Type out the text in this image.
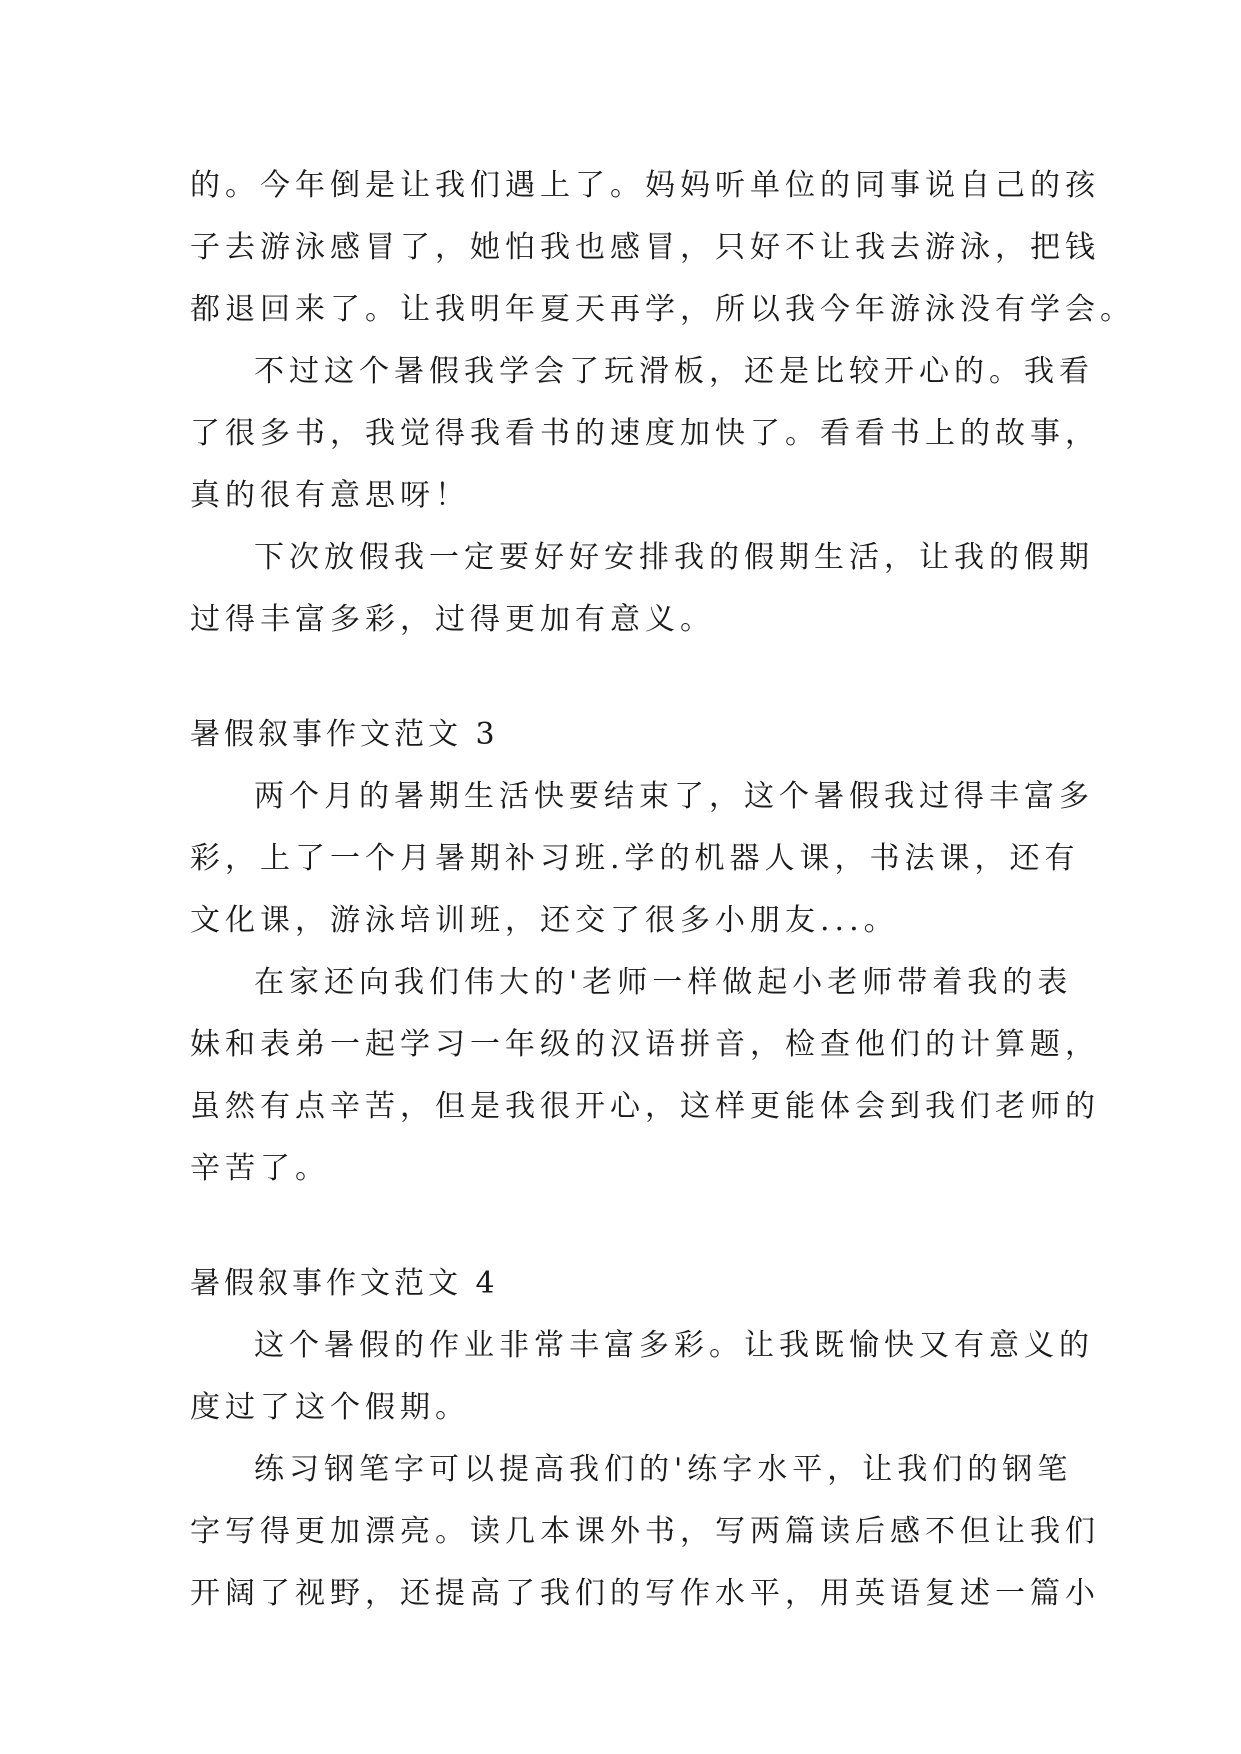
的。今年倒是让我们遇上了。妈妈听单位的同事说自己的孩
子去游泳感冒了，她怕我也感冒，只好不让我去游泳，把钱
都退回来了。让我明年夏天再学，所以我今年游泳没有学会。
不过这个暑假我学会了玩滑板，还是比较开心的。我看
了很多书，我觉得我看书的速度加快了。看看书上的故事，
真的很有意思呀！
下次放假我一定要好好安排我的假期生活，让我的假期
过得丰富多彩，过得更加有意义。
暑假叙事作文范文 3
两个月的暑期生活快要结束了，这个暑假我过得丰富多
彩，上了一个月暑期补习班.学的机器人课，书法课，还有
文化课，游泳培训班，还交了很多小朋友...。
在家还向我们伟大的'老师一样做起小老师带着我的表
妹和表弟一起学习一年级的汉语拼音，检查他们的计算题，
虽然有点辛苦，但是我很开心，这样更能体会到我们老师的
辛苦了。
暑假叙事作文范文 4
这个暑假的作业非常丰富多彩。让我既愉快又有意义的
度过了这个假期。
练习钢笔字可以提高我们的'练字水平，让我们的钢笔
字写得更加漂亮。读几本课外书，写两篇读后感不但让我们
开阔了视野，还提高了我们的写作水平，用英语复述一篇小
